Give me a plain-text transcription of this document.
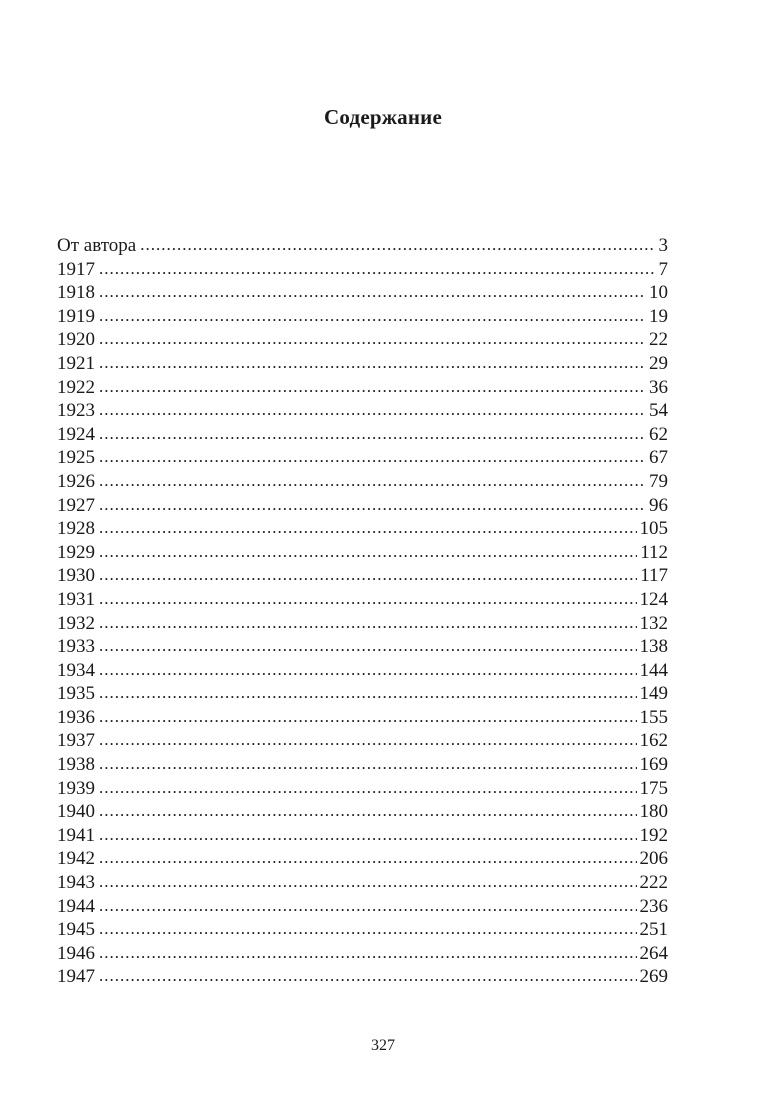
Содержание
От автора .....	3
1917 .....	7
1918 .....	10
1919 .....	19
1920 .....	22
1921 .....	29
1922 .....	36
1923 .....	54
1924 .....	62
1925 .....	67
1926 .....	79
1927 .....	96
1928 .....	105
1929 .....	112
1930 .....	117
1931 .....	124
1932 .....	132
1933 .....	138
1934 .....	144
1935 .....	149
1936 .....	155
1937 .....	162
1938 .....	169
1939 .....	175
1940 .....	180
1941 .....	192
1942 .....	206
1943 .....	222
1944 .....	236
1945 .....	251
1946 .....	264
1947 .....	269
327
